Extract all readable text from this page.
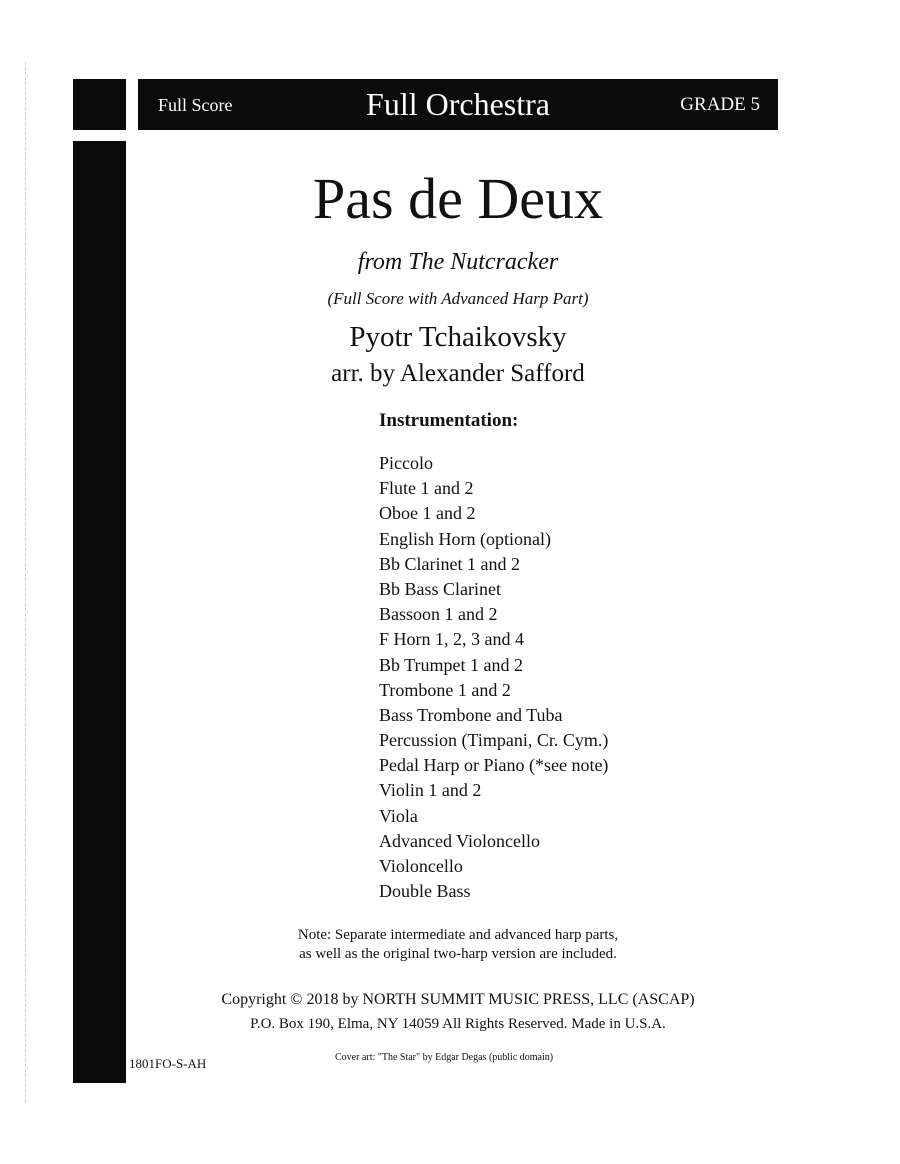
Full Score	Full Orchestra	GRADE 5
Pas de Deux
from The Nutcracker
(Full Score with Advanced Harp Part)
Pyotr Tchaikovsky
arr. by Alexander Safford
Instrumentation:
Piccolo
Flute 1 and 2
Oboe 1 and 2
English Horn (optional)
Bb Clarinet 1 and 2
Bb Bass Clarinet
Bassoon 1 and 2
F Horn 1, 2, 3 and 4
Bb Trumpet 1 and 2
Trombone 1 and 2
Bass Trombone and Tuba
Percussion (Timpani, Cr. Cym.)
Pedal Harp or Piano (*see note)
Violin 1 and 2
Viola
Advanced Violoncello
Violoncello
Double Bass
Note: Separate intermediate and advanced harp parts,
as well as the original two-harp version are included.
Copyright © 2018 by NORTH SUMMIT MUSIC PRESS, LLC (ASCAP)
P.O. Box 190, Elma, NY 14059 All Rights Reserved. Made in U.S.A.
1801FO-S-AH	Cover art: "The Star" by Edgar Degas (public domain)
